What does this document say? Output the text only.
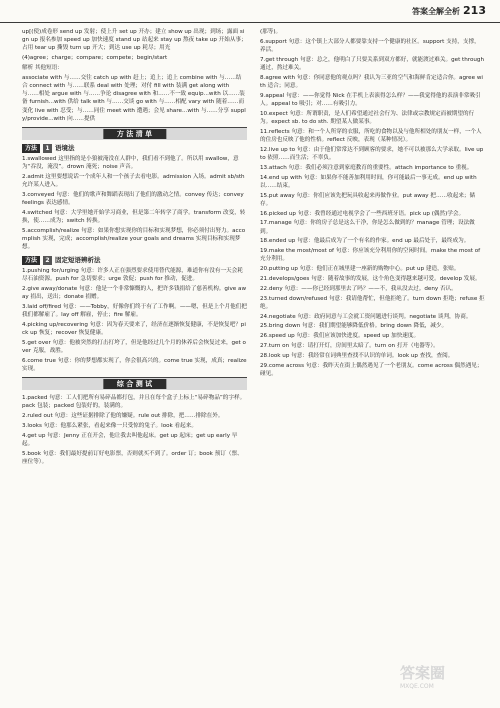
答案全解全析 213

up[(使)成卷形 send up 发射；使上升 set up 开办；建立 show up 出现；到场；露面 sign up 报名参加 speed up 加快速度 stand up 站起来 stay up 熬夜 take up 开始从事；占用 tear up 撕毁 turn up 开大；到达 use up 耗尽；用光

(4)agree；charge；compare；compete；begin/start

解析 其他短语：

associate with 与……交往 catch up with 赶上；追上；追上 combine with 与……结合 connect with 与……联系 deal with 处理；对付 fill with 装满 get along with 与……相处 argue with 与……争论 disagree with 和……不一致 equip...with 以……装备 furnish...with 供给 talk with 与……交谈 go with 与……相配 vary with 随着……而变化 live with 忍受；与……同住 meet with 遭遇；会见 share...with 与……分享 supply/provide...with 向……提供

方 法 清 单
方法	1 语境法

1.swallowed 这里指的是小狼被淹没在人群中，我们看不到他了。所以用 swallow，意为“吞没，淹没”。drown 淹死；noise 声音。

2.admit 这里要想说话一个成年人和一个孩子去看电影。admission 入场。admit sb/sth 允许某人进入。

3.conveyed 句意：他们的歌声和舞蹈表现出了他们的激动之情。convey 传达；convey feelings 表达感情。

4.switched 句意：大学里她开始学习商业，但是第二年转学了商学。transform 改变，转换，使……成为；switch 转换。

5.accomplish/realize 句意：如果你想实现你的目标和实现梦想，你必须付出努力。accomplish 实现，完成；accomplish/realize your goals and dreams 实现目标和实现梦想。

方法	2 固定短语辨析法

1.pushing for/urging 句意：许多人正在强烈要求使用替代能源，难道你有没有一天会耗尽石油资源。push for 急切要求；urge 敦促；push for 推动，促进。

2.give away/donate 句意：他是一个非常慷慨的人，把许多钱捐给了慈善机构。give away 捐出，送出；donate 捐赠。

3.laid off/fired 句意：——Tobby，好像你们终于有了工作啊。——嗯，但是上个月他们把我们都解雇了。lay off 解雇，停止；fire 解雇。

4.picking up/recovering 句意：因为春天要来了，经济在逐渐恢复健康，不是恢复吧？pick up 恢复；recover 恢复健康。

5.get over 句意：他被突然的打击打垮了，但是他经过几个月的休养后会恢复过来，get over 克服，战胜。

6.come true 句意：你的梦想都实现了，你会很高兴的。come true 实现，成真；realize 实现。

综 合 测 试

1.packed 句意：工人们把所有易碎品都打包，并且在每个盒子上标上“易碎物品”的字样。pack 包装；packed 包装好的，装满的。

2.ruled out 句意：这些证据排除了他的嫌疑。rule out 排除，把……排除在外。

3.looks 句意：他那么紧张，看起来像一只受惊的兔子。look 看起来。

4.get up 句意：Jenny 正在开会，他让我去叫他起床。get up 起床；get up early 早起。

5.book 句意：我们最好提前订好电影票，否则就买不到了。order 订；book 预订（票、座位等）。

(那等)。

6.support 句意：这个镇上大部分人都要靠支持一个健康的社区。support 支持，支撑，养活。

7.get through 句意：总之，他明白了只要关系到双方都好，就能渡过难关。get through 通过，熬过难关。

8.agree with 句意：你同意他的观点吗？我认为三亚的空气和海鲜肯定适合你。agree with 适合；同意。

9.appeal 句意：——你觉得 Nick 在手机上表演得怎么样？——我觉得他的表演非常吸引人。appeal to 吸引；对……有吸引力。

10.expect 句意：所谓职责，是人们希望通过社会行为、法律或宗教规定而被期望的行为。expect sb. to do sth. 期望某人做某事。

11.reflects 句意：和一个人所穿的衣服，所吃的食物以及与他所相处的朋友一样，一个人的住房也反映了他的性格。reflect 反映，表现（某种情况）。

12.live up to 句意：由于他们常常达不到顾客的要求，她不可以被那么大学录取。live up to 依照……而生活；不辜负。

13.attach 句意：我们必须注意到家庭教育的重要性。attach importance to 重视。

14.end up with 句意：如果你不能善加利用时间，你可能最后一事无成。end up with 以……结束。

15.put away 句意：你们应该先把玩具收起来再做作业。put away 把……收起来；储存。

16.picked up 句意：我曾经通过电视学会了一些西班牙语。pick up (偶然)学会。

17.manage 句意：你的房子总是这么干净，你是怎么做到的？manage 管理；设法做到。

18.ended up 句意：他最后成为了一个有名的作家。end up 最后处于，最终成为。

19.make the most/most of 句意：你应该充分利用你的空闲时间。make the most of 充分利用。

20.putting up 句意：他们正在城里建一座新的购物中心。put up 建造，张贴。

21.develops/goes 句意：随着故事的发展，这个角色变得越来越可爱。develop 发展。

22.deny 句意：——你已经到那里去了吗？——不，我从没去过。deny 否认。

23.turned down/refused 句意：我请他帮忙，但他拒绝了。turn down 拒绝；refuse 拒绝。

24.negotiate 句意：政府同意与工会就工资问题进行谈判。negotiate 谈判，协商。

25.bring down 句意：我们期望能够降低价格。bring down 降低，减少。

26.speed up 句意：我们应该加快进度。speed up 加快速度。

27.turn on 句意：请打开灯，房间里太暗了。turn on 打开（电器等）。

28.look up 句意：我经常在词典里查找不认识的单词。look up 查找，查阅。

29.come across 句意：我昨天在街上偶然遇见了一个老朋友。come across 偶然遇见；碰见。

答案圈
MXQE.COM
